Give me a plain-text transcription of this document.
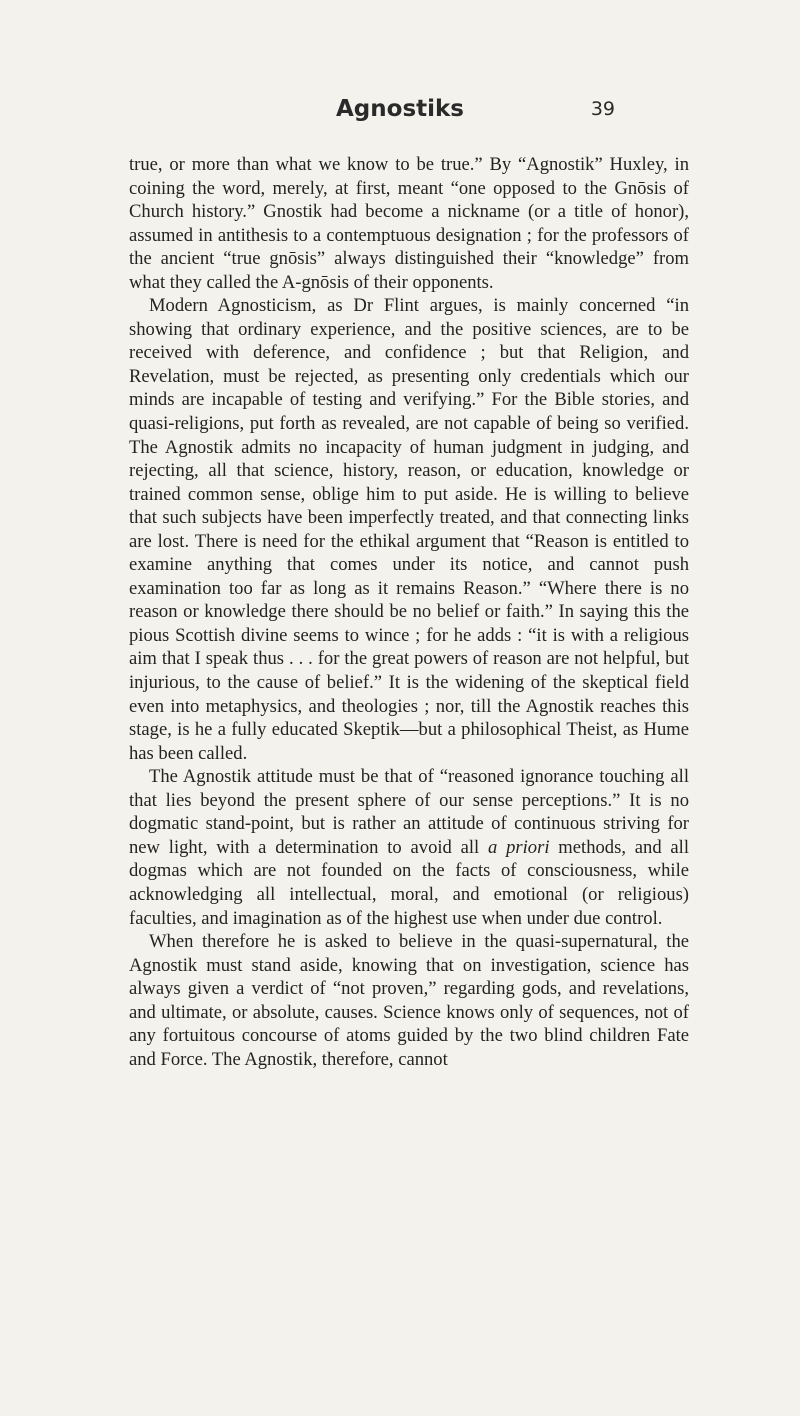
Agnostiks	39

true, or more than what we know to be true.” By “Agnostik” Huxley, in coining the word, merely, at first, meant “one opposed to the Gnōsis of Church history.” Gnostik had become a nickname (or a title of honor), assumed in antithesis to a contemptuous designation ; for the professors of the ancient “true gnōsis” always distinguished their “knowledge” from what they called the A-gnōsis of their opponents.

Modern Agnosticism, as Dr Flint argues, is mainly concerned “in showing that ordinary experience, and the positive sciences, are to be received with deference, and confidence ; but that Religion, and Revelation, must be rejected, as presenting only credentials which our minds are incapable of testing and verifying.” For the Bible stories, and quasi-religions, put forth as revealed, are not capable of being so verified. The Agnostik admits no incapacity of human judgment in judging, and rejecting, all that science, history, reason, or education, knowledge or trained common sense, oblige him to put aside. He is willing to believe that such subjects have been imperfectly treated, and that connecting links are lost. There is need for the ethikal argument that “Reason is entitled to examine anything that comes under its notice, and cannot push examination too far as long as it remains Reason.” “Where there is no reason or knowledge there should be no belief or faith.” In saying this the pious Scottish divine seems to wince ; for he adds : “it is with a religious aim that I speak thus . . . for the great powers of reason are not helpful, but injurious, to the cause of belief.” It is the widening of the skeptical field even into metaphysics, and theologies ; nor, till the Agnostik reaches this stage, is he a fully educated Skeptik—but a philosophical Theist, as Hume has been called.

The Agnostik attitude must be that of “reasoned ignorance touching all that lies beyond the present sphere of our sense perceptions.” It is no dogmatic stand-point, but is rather an attitude of continuous striving for new light, with a determination to avoid all a priori methods, and all dogmas which are not founded on the facts of consciousness, while acknowledging all intellectual, moral, and emotional (or religious) faculties, and imagination as of the highest use when under due control.

When therefore he is asked to believe in the quasi-supernatural, the Agnostik must stand aside, knowing that on investigation, science has always given a verdict of “not proven,” regarding gods, and revelations, and ultimate, or absolute, causes. Science knows only of sequences, not of any fortuitous concourse of atoms guided by the two blind children Fate and Force. The Agnostik, therefore, cannot
